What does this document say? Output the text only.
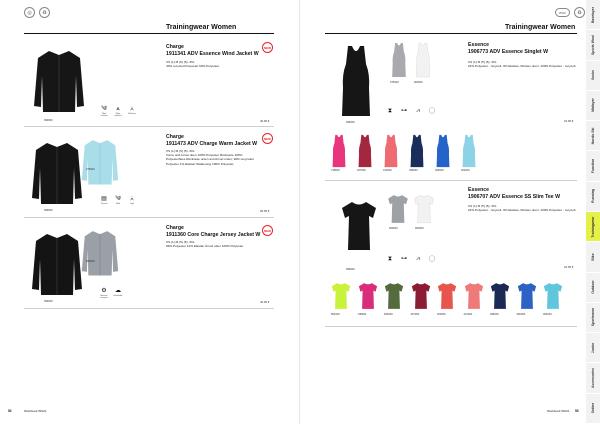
◎	♻
Trainingwear Women
999000
Charge
1911341 ADV Essence Wind Jacket W
XS (1) M (5) (5) .3XL
40% recycled Polyester 60% Polyester
NEW
༄
Wind resistant
⩓
Water repellent
⩑
Reflective
49.95 €
999000
375000
Charge
1911473 ADV Charge Warm Jacket W
XS (1) M (5) (5) .3XL
Vorne and Armel oben 100% Polyester Rückseite 100% Polyesterflees Rückseite unten and Armel unten: 99% recycelter Polyester 1% Elastan Wattierung 100% Polyester
NEW
▤
Thermal
༄
Wind
⩑
Light
69.95 €
999000
956000
Charge
1911360 Core Charge Jersey Jacket W
XS (1) M (5) (5) .3XL
86% Polyester 14% Elastan Ärmel oben 100% Polyester
NEW
⚙
Moisture transport
☁
Breathable
49.95 €
52	Workbook WN21
eco	♻
Trainingwear Women
975000	900000
999000
Essence
1906773 ADV Essence Singlet W
XS (1) M (5) (5) .3XL
91% Polyester - recycelt, 9% Elastan, Rücken oben: 100% Polyester - recycelt
⧗ ⊶ ⩘ ◯
24.95 €
738000	467000	413000	396000	366000	304000
950000	900000
999000
Essence
1906707 ADV Essence SS Slim Tee W
XS (1) M (5) (5) .3XL
91% Polyester - recycelt, 9% Elastan, Rücken oben: 100% Polyester - recycelt
⧗ ⊶ ⩘ ◯
24.95 €
851000	738000	664000	467000	403000	413000	396000	366000	304000
Workbook WN21 53
Baselayer
Sports Wool
Socks
Midlayer
Nordic Ski
Function
Running
Trainingwear
Bike
Outdoor
Sportswear
Junior
Accessories
Online
